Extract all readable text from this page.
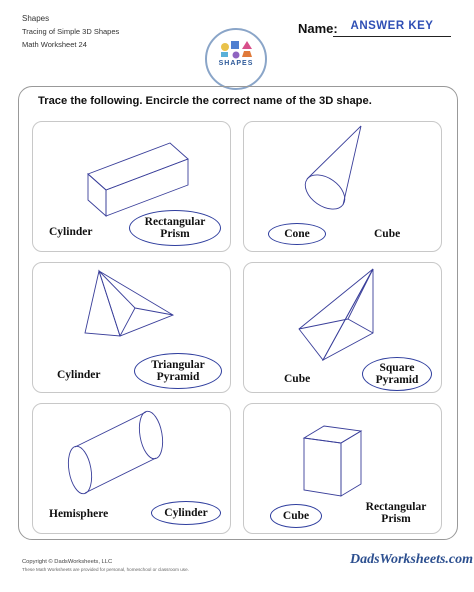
Shapes
Tracing of Simple 3D Shapes
Math Worksheet 24
SHAPES
Name:	ANSWER KEY
Trace the following. Encircle the correct name of the 3D shape.
Cylinder
Rectangular
Prism	Cone	Cube
Cylinder
Triangular
Pyramid	Cube
Square
Pyramid
Hemisphere	Cylinder	Cube
Rectangular
Prism
Copyright © DadsWorksheets, LLC
These Math Worksheets are provided for personal, homeschool or classroom use.
DadsWorksheets.com
